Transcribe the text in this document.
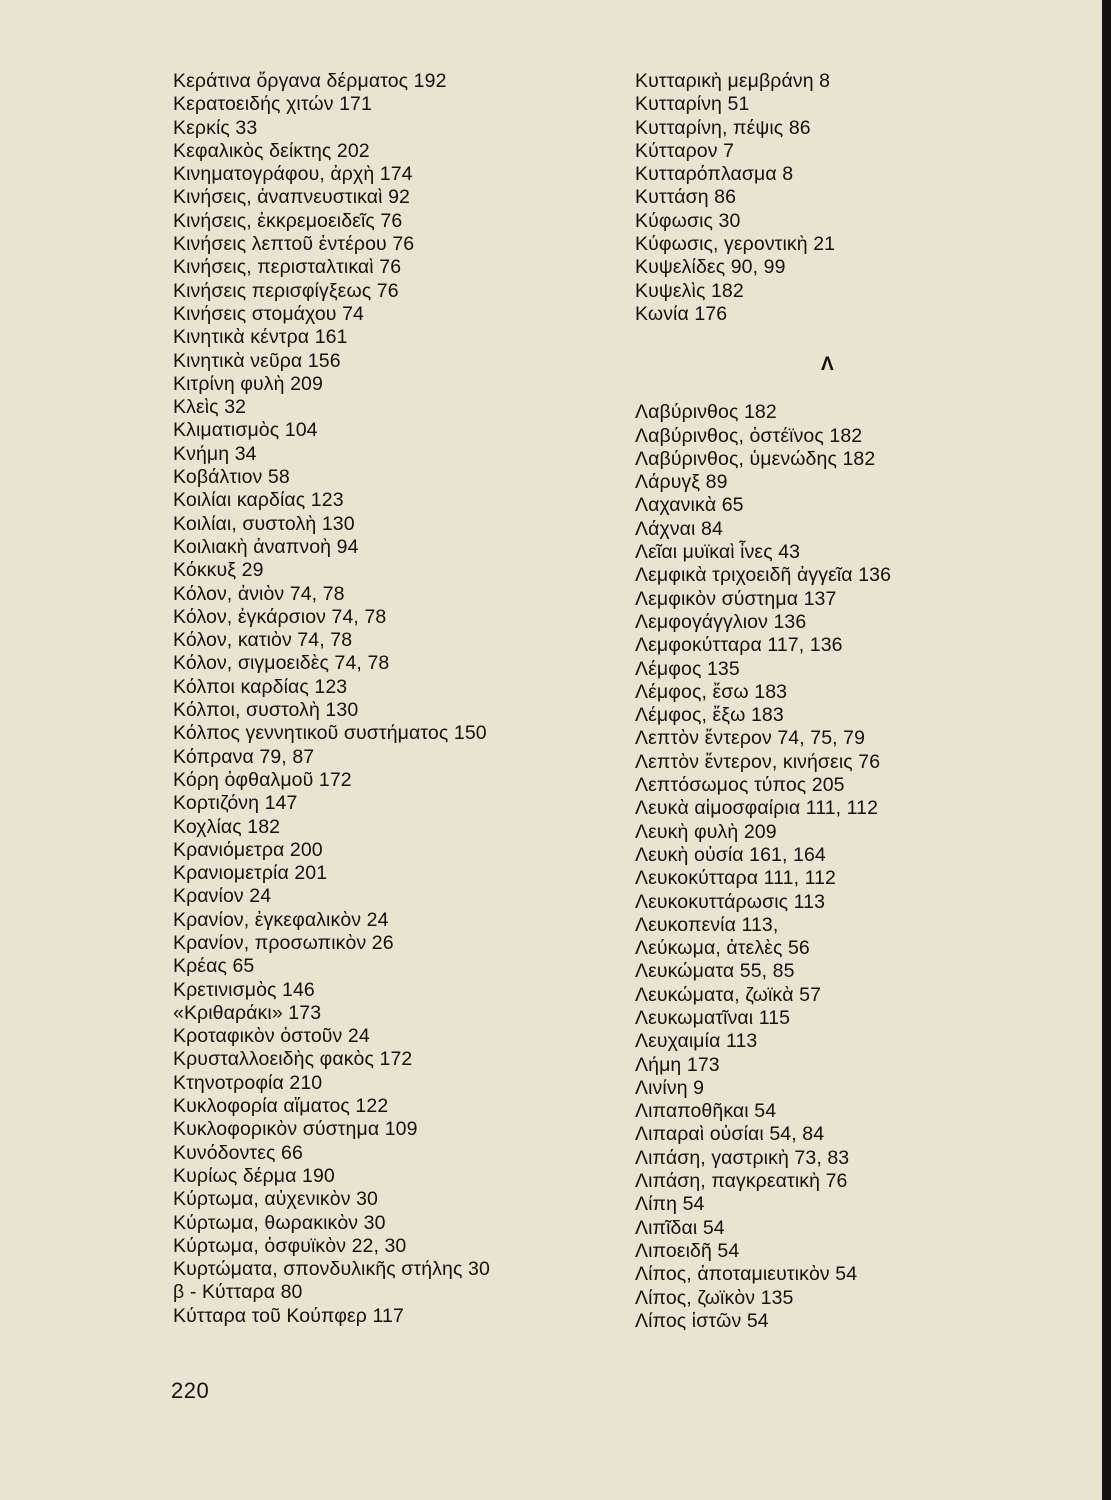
Κεράτινα ὄργανα δέρματος 192
Κερατοειδής χιτών 171
Κερκίς 33
Κεφαλικὸς δείκτης 202
Κινηματογράφου, ἀρχὴ 174
Κινήσεις, ἀναπνευστικαὶ 92
Κινήσεις, ἐκκρεμοειδεῖς 76
Κινήσεις λεπτοῦ ἐντέρου 76
Κινήσεις, περισταλτικαὶ 76
Κινήσεις περισφίγξεως 76
Κινήσεις στομάχου 74
Κινητικὰ κέντρα 161
Κινητικὰ νεῦρα 156
Κιτρίνη φυλὴ 209
Κλεὶς 32
Κλιματισμὸς 104
Κνήμη 34
Κοβάλτιον 58
Κοιλίαι καρδίας 123
Κοιλίαι, συστολὴ 130
Κοιλιακὴ ἀναπνοὴ 94
Κόκκυξ 29
Κόλον, ἀνιὸν 74, 78
Κόλον, ἐγκάρσιον 74, 78
Κόλον, κατιὸν 74, 78
Κόλον, σιγμοειδὲς 74, 78
Κόλποι καρδίας 123
Κόλποι, συστολὴ 130
Κόλπος γεννητικοῦ συστήματος 150
Κόπρανα 79, 87
Κόρη ὀφθαλμοῦ 172
Κορτιζόνη 147
Κοχλίας 182
Κρανιόμετρα 200
Κρανιομετρία 201
Κρανίον 24
Κρανίον, ἐγκεφαλικὸν 24
Κρανίον, προσωπικὸν 26
Κρέας 65
Κρετινισμὸς 146
«Κριθαράκι» 173
Κροταφικὸν ὀστοῦν 24
Κρυσταλλοειδὴς φακὸς 172
Κτηνοτροφία 210
Κυκλοφορία αἵματος 122
Κυκλοφορικὸν σύστημα 109
Κυνόδοντες 66
Κυρίως δέρμα 190
Κύρτωμα, αὐχενικὸν 30
Κύρτωμα, θωρακικὸν 30
Κύρτωμα, ὀσφυϊκὸν 22, 30
Κυρτώματα, σπονδυλικῆς στήλης 30
β - Κύτταρα 80
Κύτταρα τοῦ Κούπφερ 117
Κυτταρικὴ μεμβράνη 8
Κυτταρίνη 51
Κυτταρίνη, πέψις 86
Κύτταρον 7
Κυτταρόπλασμα 8
Κυττάση 86
Κύφωσις 30
Κύφωσις, γεροντικὴ 21
Κυψελίδες 90, 99
Κυψελὶς 182
Κωνία 176
Λ
Λαβύρινθος 182
Λαβύρινθος, ὀστέϊνος 182
Λαβύρινθος, ὑμενώδης 182
Λάρυγξ 89
Λαχανικὰ 65
Λάχναι 84
Λεῖαι μυϊκαὶ ἶνες 43
Λεμφικὰ τριχοειδῆ ἀγγεῖα 136
Λεμφικὸν σύστημα 137
Λεμφογάγγλιον 136
Λεμφοκύτταρα 117, 136
Λέμφος 135
Λέμφος, ἔσω 183
Λέμφος, ἔξω 183
Λεπτὸν ἔντερον 74, 75, 79
Λεπτὸν ἔντερον, κινήσεις 76
Λεπτόσωμος τύπος 205
Λευκὰ αἱμοσφαίρια 111, 112
Λευκὴ φυλὴ 209
Λευκὴ οὐσία 161, 164
Λευκοκύτταρα 111, 112
Λευκοκυττάρωσις 113
Λευκοπενία 113,
Λεύκωμα, ἀτελὲς 56
Λευκώματα 55, 85
Λευκώματα, ζωϊκὰ 57
Λευκωματῖναι 115
Λευχαιμία 113
Λήμη 173
Λινίνη 9
Λιπαποθῆκαι 54
Λιπαραὶ οὐσίαι 54, 84
Λιπάση, γαστρικὴ 73, 83
Λιπάση, παγκρεατικὴ 76
Λίπη 54
Λιπῖδαι 54
Λιποειδῆ 54
Λίπος, ἀποταμιευτικὸν 54
Λίπος, ζωϊκὸν 135
Λίπος ἱστῶν 54
220
